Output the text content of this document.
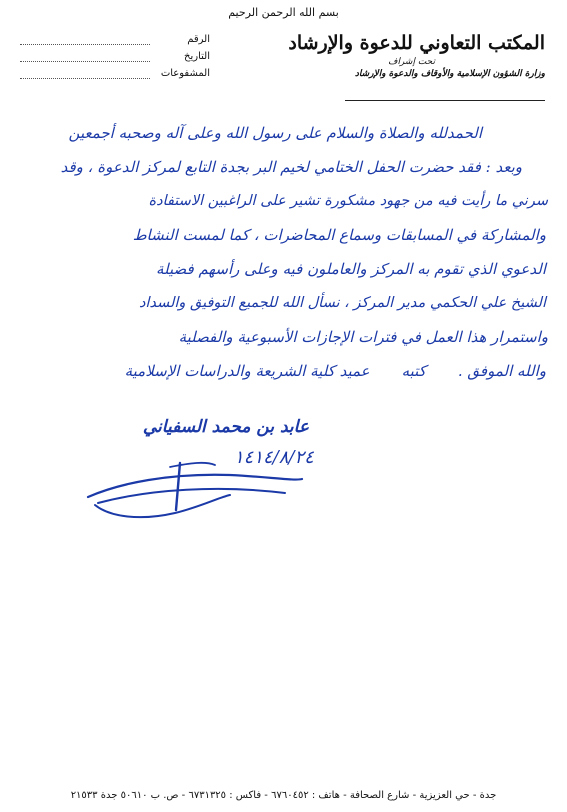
بسم الله الرحمن الرحيم
المكتب التعاوني للدعوة والإرشاد
تحت إشراف
وزارة الشؤون الإسلامية والأوقاف والدعوة والإرشاد
الرقم
التاريخ
المشفوعات
الحمدلله والصلاة والسلام على رسول الله وعلى آله وصحبه أجمعين
وبعد : فقد حضرت الحفل الختامي لخيم البر بجدة التابع لمركز الدعوة ، وقد
سرني ما رأيت فيه من جهود مشكورة تشير على الراغبين الاستفادة
والمشاركة في المسابقات وسماع المحاضرات ، كما لمست النشاط
الدعوي الذي تقوم به المركز والعاملون فيه وعلى رأسهم فضيلة
الشيخ علي الحكمي مدير المركز ، نسأل الله للجميع التوفيق والسداد
واستمرار هذا العمل في فترات الإجازات الأسبوعية والفصلية
والله الموفق .كتبهعميد كلية الشريعة والدراسات الإسلامية
عابد بن محمد السفياني
١٤١٤/٨/٢٤
جدة - حي العزيزية - شارع الصحافة - هاتف : ٦٧٦٠٤٥٢ - فاكس : ٦٧٣١٣٢٥ - ص. ب ٥٠٦١٠ جدة ٢١٥٣٣
